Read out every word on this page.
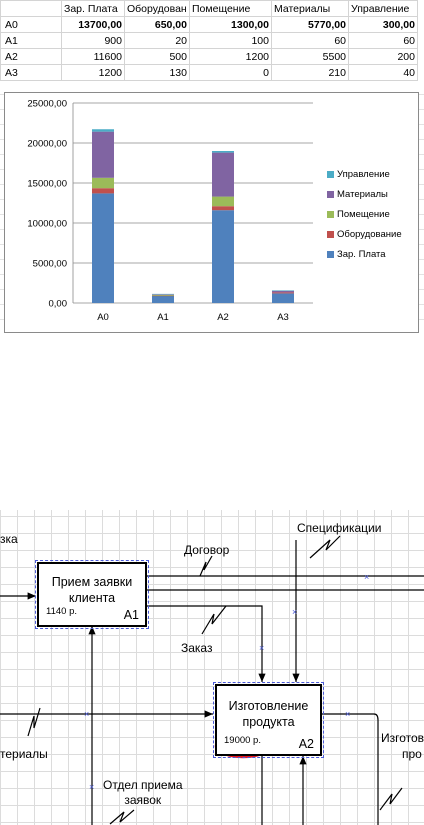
	Зар. Плата	Оборудован	Помещение	Материалы	Управление
A0	13700,00	650,00	1300,00	5770,00	300,00
A1	900	20	100	60	60
A2	11600	500	1200	5500	200
A3	1200	130	0	210	40
25000,00
20000,00
15000,00
10000,00
5000,00
0,00
A0	A1	A2	A3
Управление
Материалы
Помещение
Оборудование
Зар. Плата
×
×
×
×	×
×
зка
Договор
Спецификации
Заказ
териалы
Отдел приема
заявок
Изготов
про
Прием заявки
клиента
1140 р.	A1
Изготовление
продукта
19000 р.	A2
